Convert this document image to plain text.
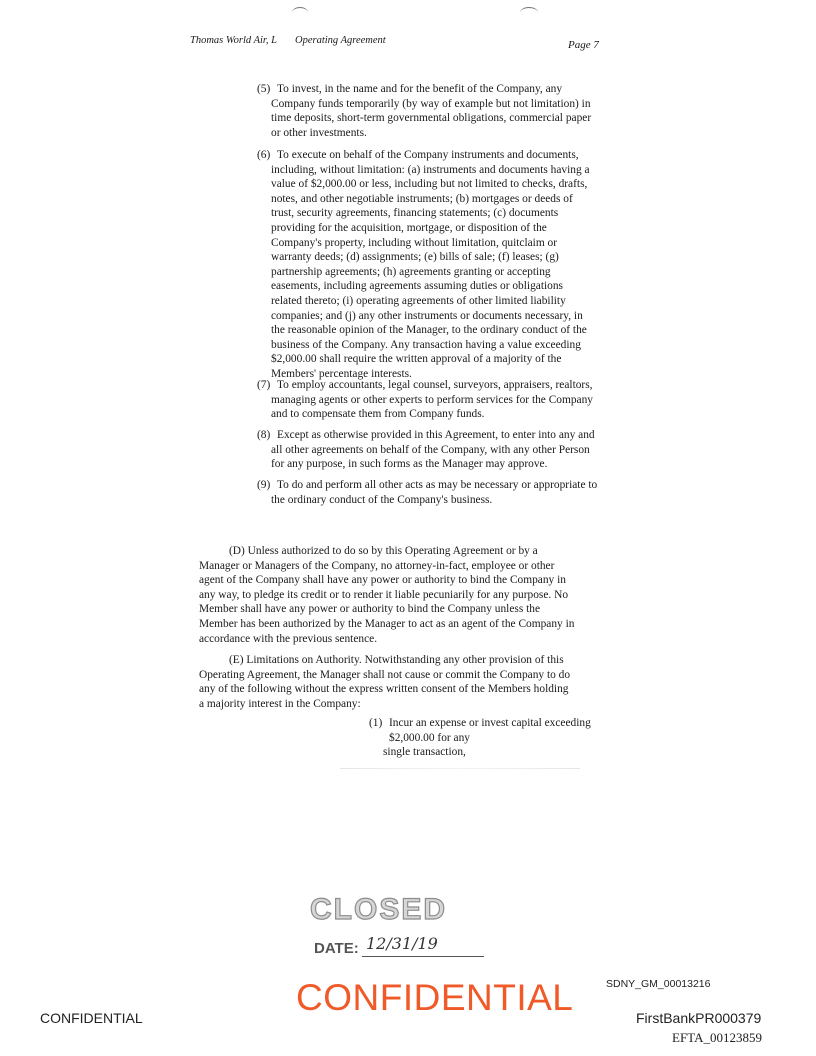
Thomas World Air, L Operating Agreement	Page 7
(5) To invest, in the name and for the benefit of the Company, any
Company funds temporarily (by way of example but not limitation) in
time deposits, short-term governmental obligations, commercial paper
or other investments.
(6) To execute on behalf of the Company instruments and documents,
including, without limitation: (a) instruments and documents having a
value of $2,000.00 or less, including but not limited to checks, drafts,
notes, and other negotiable instruments; (b) mortgages or deeds of
trust, security agreements, financing statements; (c) documents
providing for the acquisition, mortgage, or disposition of the
Company's property, including without limitation, quitclaim or
warranty deeds; (d) assignments; (e) bills of sale; (f) leases; (g)
partnership agreements; (h) agreements granting or accepting
easements, including agreements assuming duties or obligations
related thereto; (i) operating agreements of other limited liability
companies; and (j) any other instruments or documents necessary, in
the reasonable opinion of the Manager, to the ordinary conduct of the
business of the Company. Any transaction having a value exceeding
$2,000.00 shall require the written approval of a majority of the
Members' percentage interests.
(7) To employ accountants, legal counsel, surveyors, appraisers, realtors,
managing agents or other experts to perform services for the Company
and to compensate them from Company funds.
(8) Except as otherwise provided in this Agreement, to enter into any and
all other agreements on behalf of the Company, with any other Person
for any purpose, in such forms as the Manager may approve.
(9) To do and perform all other acts as may be necessary or appropriate to
the ordinary conduct of the Company's business.
(D) Unless authorized to do so by this Operating Agreement or by a
Manager or Managers of the Company, no attorney-in-fact, employee or other
agent of the Company shall have any power or authority to bind the Company in
any way, to pledge its credit or to render it liable pecuniarily for any purpose. No
Member shall have any power or authority to bind the Company unless the
Member has been authorized by the Manager to act as an agent of the Company in
accordance with the previous sentence.
(E) Limitations on Authority. Notwithstanding any other provision of this
Operating Agreement, the Manager shall not cause or commit the Company to do
any of the following without the express written consent of the Members holding
a majority interest in the Company:
(1) Incur an expense or invest capital exceeding $2,000.00 for any
single transaction,
CLOSED
DATE: 12/31/19
SDNY_GM_00013216
CONFIDENTIAL	CONFIDENTIAL	FirstBankPR000379
EFTA_00123859
